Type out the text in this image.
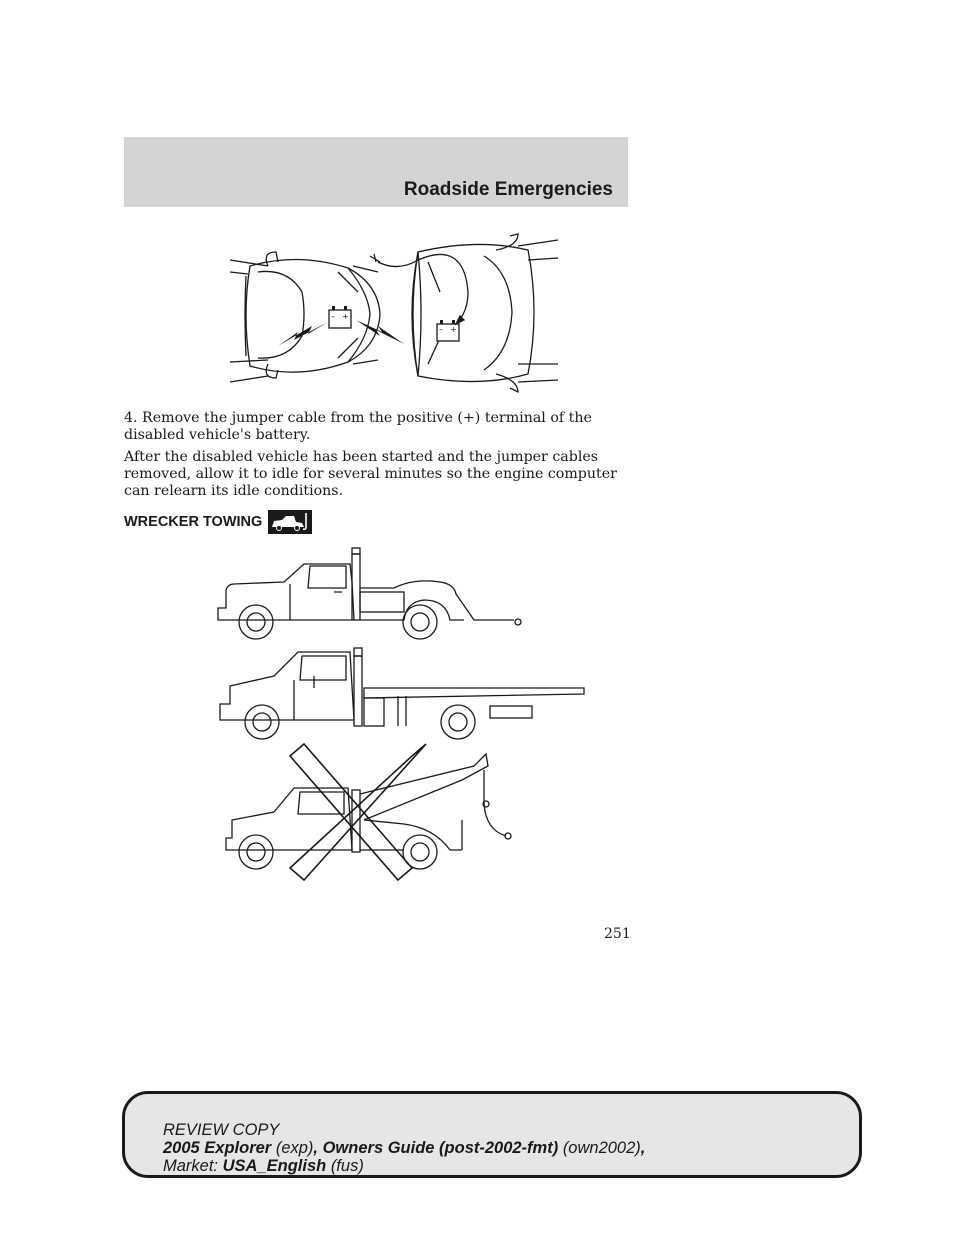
Roadside Emergencies
– +
– +

4. Remove the jumper cable from the positive (+) terminal of the disabled vehicle's battery.

After the disabled vehicle has been started and the jumper cables removed, allow it to idle for several minutes so the engine computer can relearn its idle conditions.

WRECKER TOWING
251
REVIEW COPY
2005 Explorer (exp), Owners Guide (post-2002-fmt) (own2002),
Market: USA_English (fus)
